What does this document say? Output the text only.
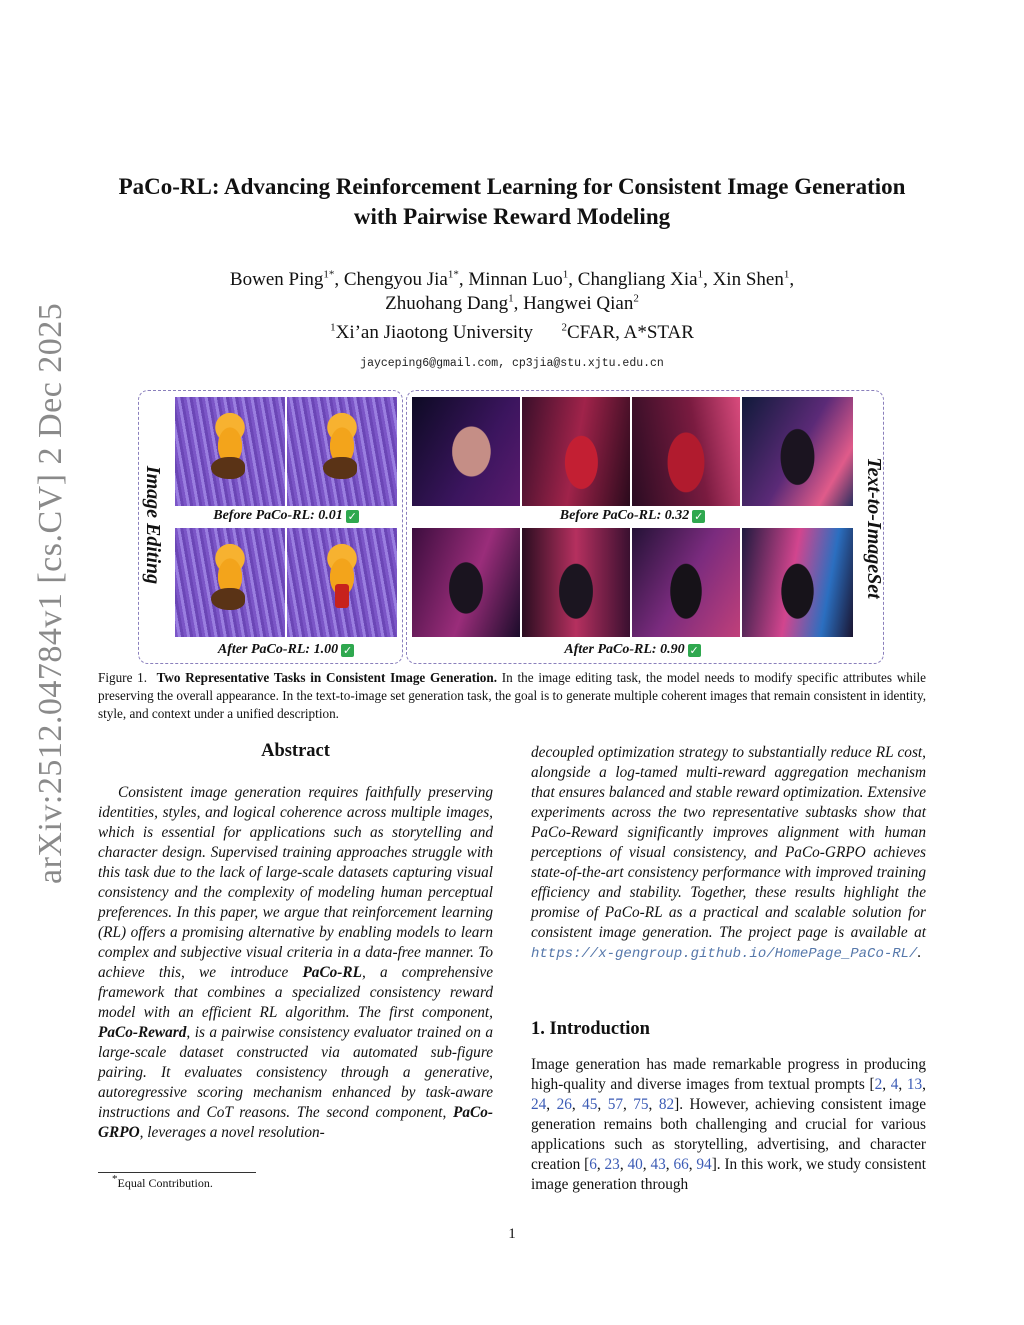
arXiv:2512.04784v1 [cs.CV] 2 Dec 2025
PaCo-RL: Advancing Reinforcement Learning for Consistent Image Generation
with Pairwise Reward Modeling
Bowen Ping$^{1*}$, Chengyou Jia$^{1*}$, Minnan Luo$^1$, Changliang Xia$^1$, Xin Shen$^1$,
Zhuohang Dang$^1$, Hangwei Qian$^2$
$^1$Xi’an Jiaotong University	$^2$CFAR, A*STAR
jayceping6@gmail.com, cp3jia@stu.xjtu.edu.cn
Image Editing	Text-to-ImageSet
Before PaCo-RL: 0.01 ✓
After PaCo-RL: 1.00 ✓
Before PaCo-RL: 0.32 ✓
After PaCo-RL: 0.90 ✓
Figure 1. Two Representative Tasks in Consistent Image Generation. In the image editing task, the model needs to modify specific attributes while preserving the overall appearance. In the text-to-image set generation task, the goal is to generate multiple coherent images that remain consistent in identity, style, and context under a unified description.
Abstract
Consistent image generation requires faithfully preserving identities, styles, and logical coherence across multiple images, which is essential for applications such as storytelling and character design. Supervised training approaches struggle with this task due to the lack of large-scale datasets capturing visual consistency and the complexity of modeling human perceptual preferences. In this paper, we argue that reinforcement learning (RL) offers a promising alternative by enabling models to learn complex and subjective visual criteria in a data-free manner. To achieve this, we introduce PaCo-RL, a comprehensive framework that combines a specialized consistency reward model with an efficient RL algorithm. The first component, PaCo-Reward, is a pairwise consistency evaluator trained on a large-scale dataset constructed via automated sub-figure pairing. It evaluates consistency through a generative, autoregressive scoring mechanism enhanced by task-aware instructions and CoT reasons. The second component, PaCo-GRPO, leverages a novel resolution-
decoupled optimization strategy to substantially reduce RL cost, alongside a log-tamed multi-reward aggregation mechanism that ensures balanced and stable reward optimization. Extensive experiments across the two representative subtasks show that PaCo-Reward significantly improves alignment with human perceptions of visual consistency, and PaCo-GRPO achieves state-of-the-art consistency performance with improved training efficiency and stability. Together, these results highlight the promise of PaCo-RL as a practical and scalable solution for consistent image generation. The project page is available at https://x-gengroup.github.io/HomePage_PaCo-RL/.
1. Introduction
Image generation has made remarkable progress in producing high-quality and diverse images from textual prompts [2, 4, 13, 24, 26, 45, 57, 75, 82]. However, achieving consistent image generation remains both challenging and crucial for various applications such as storytelling, advertising, and character creation [6, 23, 40, 43, 66, 94]. In this work, we study consistent image generation through
*Equal Contribution.
1
